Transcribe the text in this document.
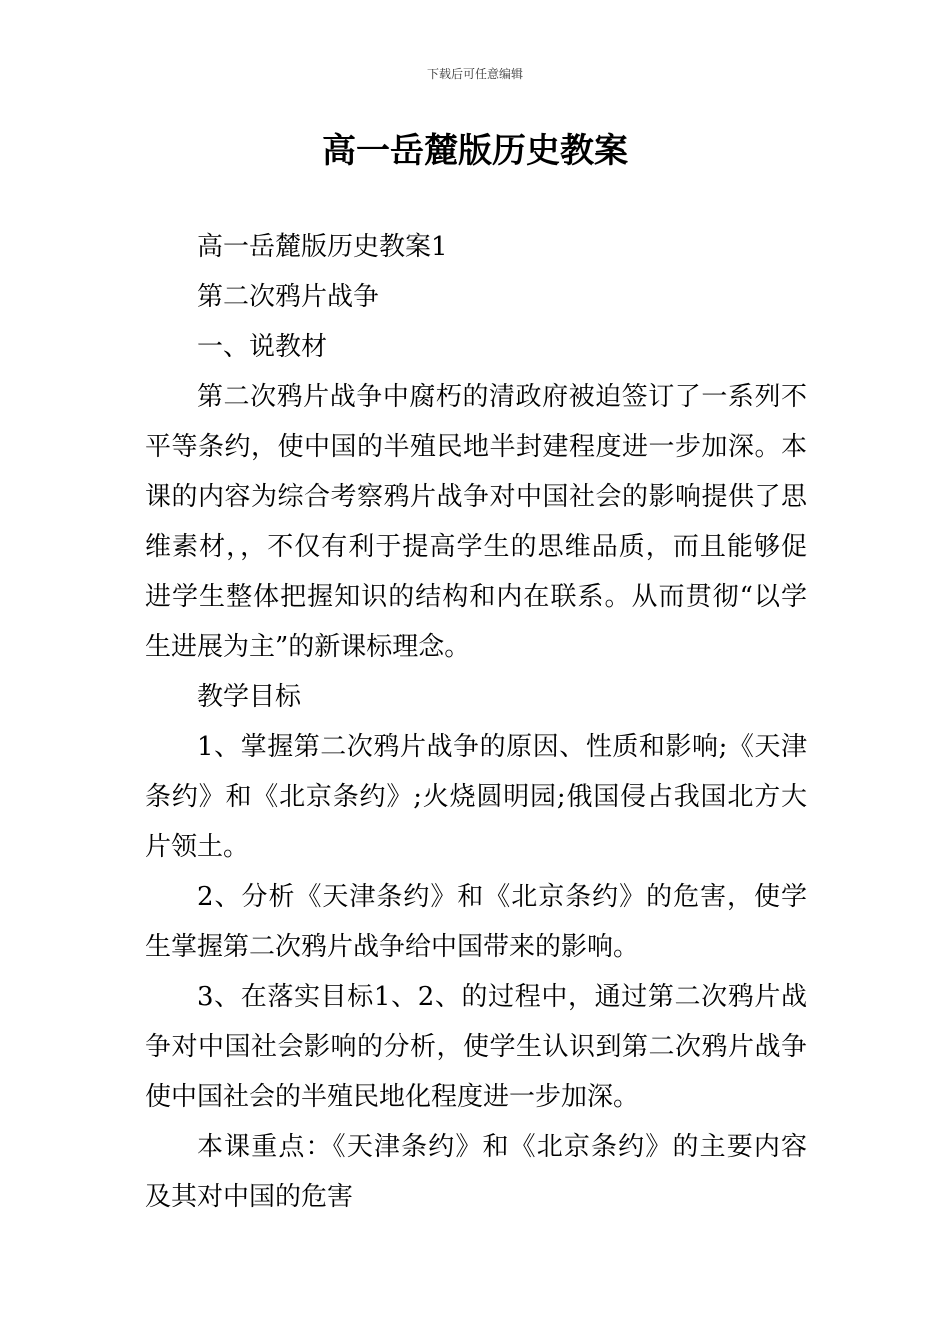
下载后可任意编辑
高一岳麓版历史教案

高一岳麓版历史教案1

第二次鸦片战争

一、说教材

第二次鸦片战争中腐朽的清政府被迫签订了一系列不平等条约，使中国的半殖民地半封建程度进一步加深。本课的内容为综合考察鸦片战争对中国社会的影响提供了思维素材，，不仅有利于提高学生的思维品质，而且能够促进学生整体把握知识的结构和内在联系。从而贯彻“以学生进展为主”的新课标理念。

教学目标

1、掌握第二次鸦片战争的原因、性质和影响;《天津条约》和《北京条约》;火烧圆明园;俄国侵占我国北方大片领土。

2、分析《天津条约》和《北京条约》的危害，使学生掌握第二次鸦片战争给中国带来的影响。

3、在落实目标1、2、的过程中，通过第二次鸦片战争对中国社会影响的分析，使学生认识到第二次鸦片战争使中国社会的半殖民地化程度进一步加深。

本课重点：《天津条约》和《北京条约》的主要内容及其对中国的危害
